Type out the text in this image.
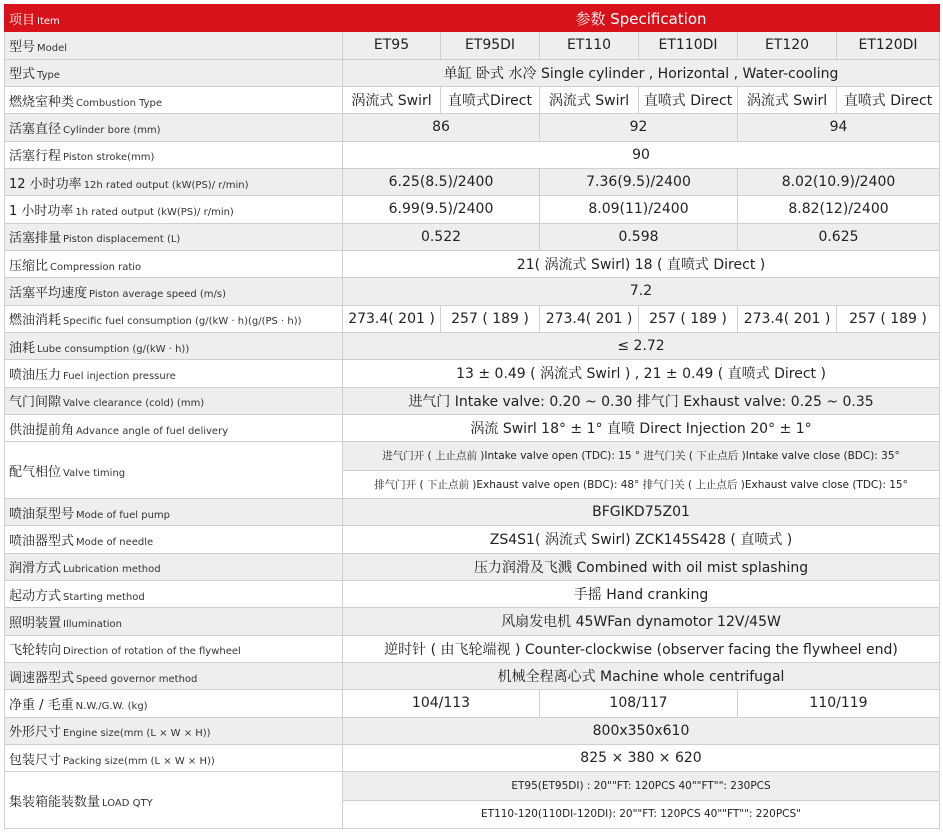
项目 Item	参数 Specification					
型号 Model	ET95	ET95DI	ET110	ET110DI	ET120	ET120DI
型式 Type	单缸 卧式 水冷 Single cylinder , Horizontal , Water-cooling					
燃烧室种类 Combustion Type	涡流式 Swirl	直喷式Direct	涡流式 Swirl	直喷式 Direct	涡流式 Swirl	直喷式 Direct
活塞直径 Cylinder bore (mm)	86		92		94	
活塞行程 Piston stroke(mm)	90					
12 小时功率 12h rated output (kW(PS)/ r/min)	6.25(8.5)/2400		7.36(9.5)/2400		8.02(10.9)/2400	
1 小时功率 1h rated output (kW(PS)/ r/min)	6.99(9.5)/2400		8.09(11)/2400		8.82(12)/2400	
活塞排量 Piston displacement (L)	0.522		0.598		0.625	
压缩比 Compression ratio	21( 涡流式 Swirl) 18 ( 直喷式 Direct )					
活塞平均速度 Piston average speed (m/s)	7.2					
燃油消耗 Specific fuel consumption (g/(kW · h)(g/(PS · h))	273.4( 201 )	257 ( 189 )	273.4( 201 )	257 ( 189 )	273.4( 201 )	257 ( 189 )
油耗 Lube consumption (g/(kW · h))	≤ 2.72					
喷油压力 Fuel injection pressure	13 ± 0.49 ( 涡流式 Swirl ) , 21 ± 0.49 ( 直喷式 Direct )					
气门间隙 Valve clearance (cold) (mm)	进气门 Intake valve: 0.20 ~ 0.30 排气门 Exhaust valve: 0.25 ~ 0.35					
供油提前角 Advance angle of fuel delivery	涡流 Swirl 18° ± 1° 直喷 Direct Injection 20° ± 1°					
配气相位 Valve timing	进气门开 ( 上止点前 )Intake valve open (TDC): 15 ° 进气门关 ( 下止点后 )Intake valve close (BDC): 35°					
	排气门开 ( 下止点前 )Exhaust valve open (BDC): 48° 排气门关 ( 上止点后 )Exhaust valve close (TDC): 15°					
喷油泵型号 Mode of fuel pump	BFGIKD75Z01					
喷油器型式 Mode of needle	ZS4S1( 涡流式 Swirl) ZCK145S428 ( 直喷式 )					
润滑方式 Lubrication method	压力润滑及飞溅 Combined with oil mist splashing					
起动方式 Starting method	手摇 Hand cranking					
照明装置 Illumination	风扇发电机 45WFan dynamotor 12V/45W					
飞轮转向 Direction of rotation of the flywheel	逆时针 ( 由飞轮端视 ) Counter-clockwise (observer facing the flywheel end)					
调速器型式 Speed governor method	机械全程离心式 Machine whole centrifugal					
净重 / 毛重 N.W./G.W. (kg)	104/113		108/117		110/119	
外形尺寸 Engine size(mm (L × W × H))	800x350x610					
包装尺寸 Packing size(mm (L × W × H))	825 × 380 × 620					
集装箱能装数量 LOAD QTY	ET95(ET95DI) : 20""FT: 120PCS 40""FT"": 230PCS					
	ET110-120(110DI-120DI): 20""FT: 120PCS 40""FT"": 220PCS"					
